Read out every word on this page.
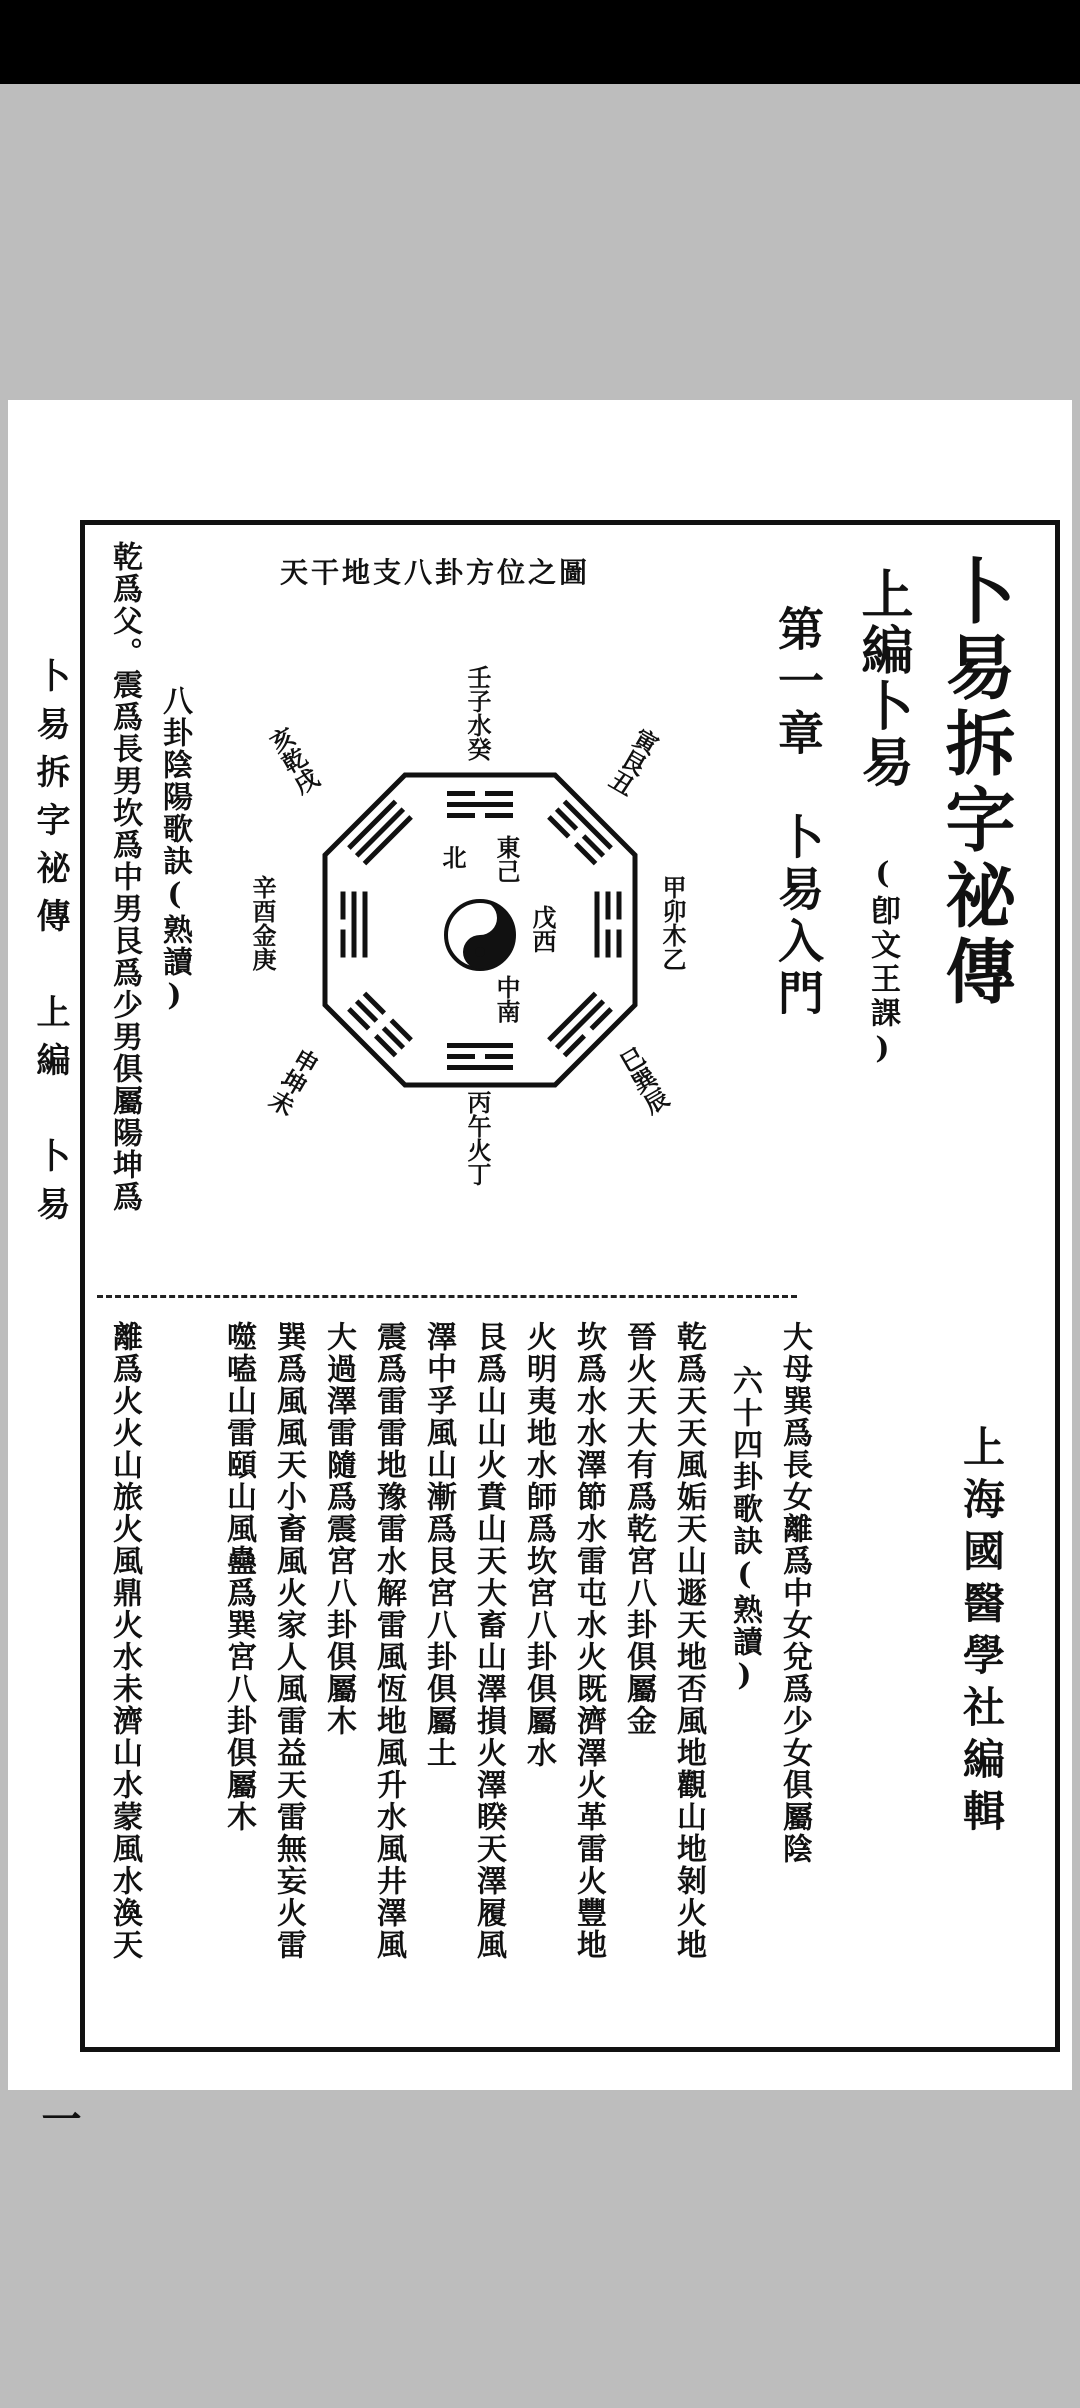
卜易拆字祕傳　上編　卜易
一
卜易拆字祕傳
上編卜易 (卽文王課)
第一章　卜易入門
天干地支八卦方位之圖
東己
戊西
中南
北
壬子水癸
亥乾戌
辛酉金庚
申坤未
丙午火丁
巳巽辰
甲卯木乙
寅艮丑
八卦陰陽歌訣(熟讀)
乾爲父。震爲長男坎爲中男艮爲少男俱屬陽坤爲
大母巽爲長女離爲中女兌爲少女俱屬陰
六十四卦歌訣(熟讀)
乾爲天天風姤天山遯天地否風地觀山地剝火地
晉火天大有爲乾宮八卦俱屬金
坎爲水水澤節水雷屯水火既濟澤火革雷火豐地
火明夷地水師爲坎宮八卦俱屬水
艮爲山山火賁山天大畜山澤損火澤睽天澤履風
澤中孚風山漸爲艮宮八卦俱屬土
震爲雷雷地豫雷水解雷風恆地風升水風井澤風
大過澤雷隨爲震宮八卦俱屬木
巽爲風風天小畜風火家人風雷益天雷無妄火雷
噬嗑山雷頤山風蠱爲巽宮八卦俱屬木
離爲火火山旅火風鼎火水未濟山水蒙風水渙天	上海國醫學社編輯
